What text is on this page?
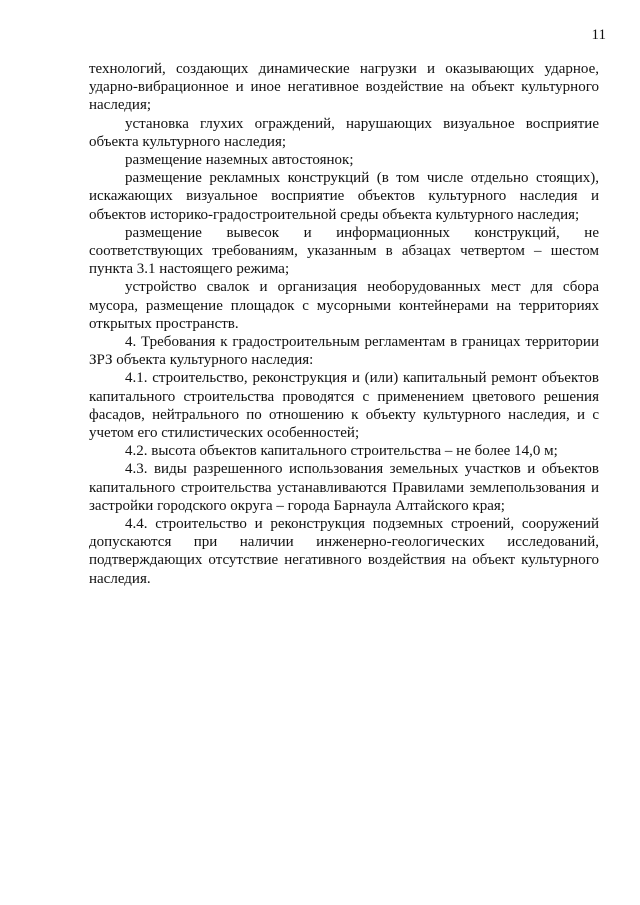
11

технологий, создающих динамические нагрузки и оказывающих ударное, ударно-вибрационное и иное негативное воздействие на объект культурного наследия;

установка глухих ограждений, нарушающих визуальное восприятие объекта культурного наследия;

размещение наземных автостоянок;

размещение рекламных конструкций (в том числе отдельно стоящих), искажающих визуальное восприятие объектов культурного наследия и объектов историко-градостроительной среды объекта культурного наследия;

размещение вывесок и информационных конструкций, не соответствующих требованиям, указанным в абзацах четвертом – шестом пункта 3.1 настоящего режима;

устройство свалок и организация необорудованных мест для сбора мусора, размещение площадок с мусорными контейнерами на территориях открытых пространств.

4. Требования к градостроительным регламентам в границах территории ЗРЗ объекта культурного наследия:

4.1. строительство, реконструкция и (или) капитальный ремонт объектов капитального строительства проводятся с применением цветового решения фасадов, нейтрального по отношению к объекту культурного наследия, и с учетом его стилистических особенностей;

4.2. высота объектов капитального строительства – не более 14,0 м;

4.3. виды разрешенного использования земельных участков и объектов капитального строительства устанавливаются Правилами землепользования и застройки городского округа – города Барнаула Алтайского края;

4.4. строительство и реконструкция подземных строений, сооружений допускаются при наличии инженерно-геологических исследований, подтверждающих отсутствие негативного воздействия на объект культурного наследия.
